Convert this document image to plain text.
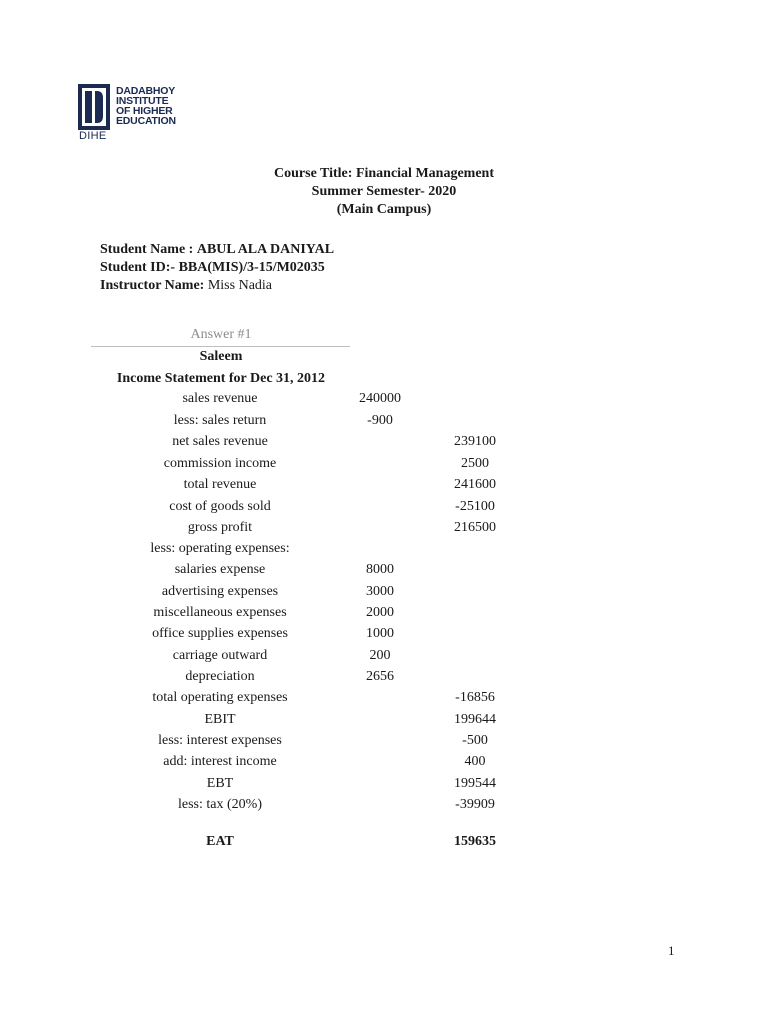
DADABHOY
INSTITUTE
OF HIGHER
EDUCATION
DIHE
Course Title: Financial Management
Summer Semester- 2020
(Main Campus)
Student Name : ABUL ALA DANIYAL
Student ID:- BBA(MIS)/3-15/M02035
Instructor Name: Miss Nadia
Answer #1
Saleem
Income Statement for Dec 31, 2012
sales revenue	240000
less: sales return	-900
net sales revenue	239100
commission income	2500
total revenue	241600
cost of goods sold	-25100
gross profit	216500
less: operating expenses:
salaries expense	8000
advertising expenses	3000
miscellaneous expenses	2000
office supplies expenses	1000
carriage outward	200
depreciation	2656
total operating expenses	-16856
EBIT	199644
less: interest expenses	-500
add: interest income	400
EBT	199544
less: tax (20%)	-39909
EAT	159635
1
